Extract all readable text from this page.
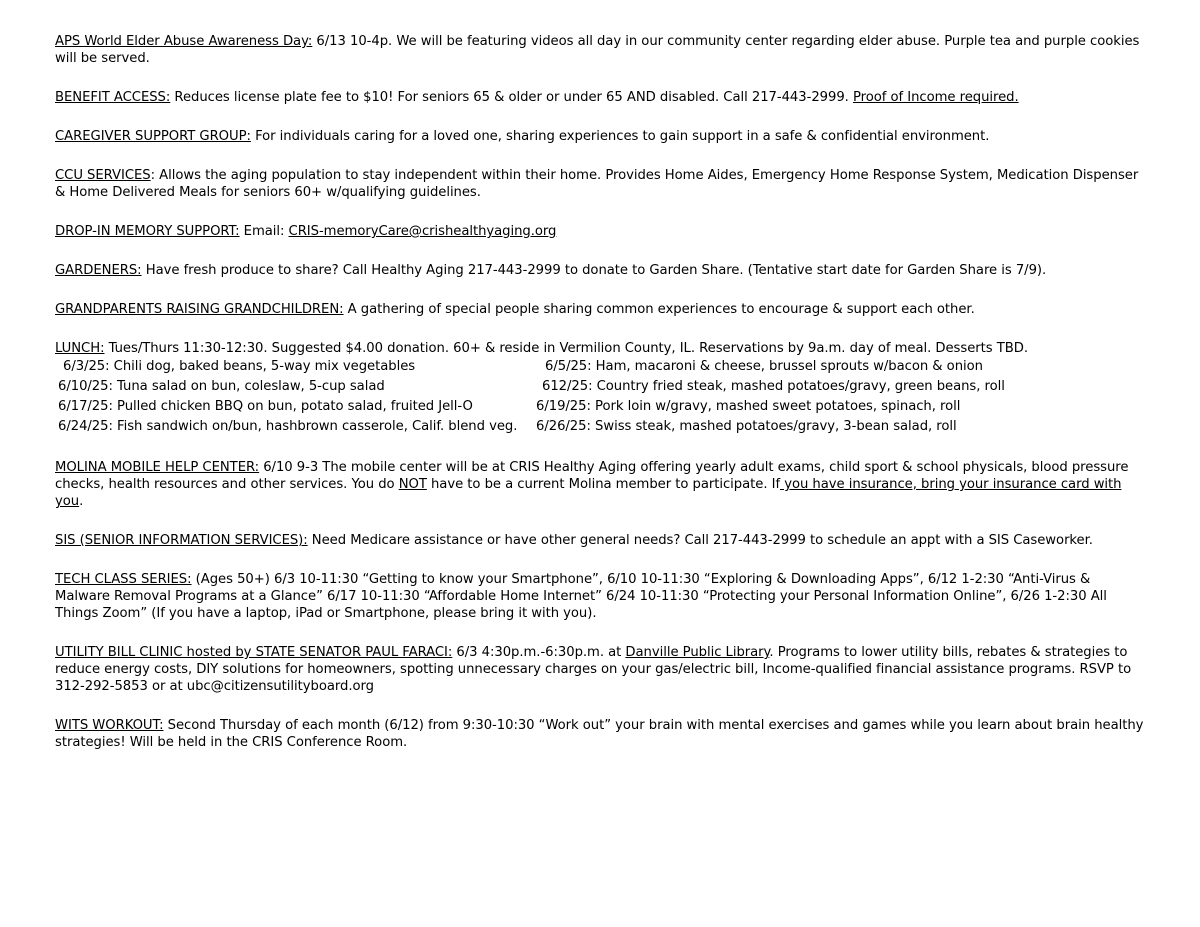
APS World Elder Abuse Awareness Day: 6/13 10-4p. We will be featuring videos all day in our community center regarding elder abuse. Purple tea and purple cookies will be served.
BENEFIT ACCESS: Reduces license plate fee to $10! For seniors 65 & older or under 65 AND disabled. Call 217-443-2999. Proof of Income required.
CAREGIVER SUPPORT GROUP: For individuals caring for a loved one, sharing experiences to gain support in a safe & confidential environment.
CCU SERVICES: Allows the aging population to stay independent within their home. Provides Home Aides, Emergency Home Response System, Medication Dispenser & Home Delivered Meals for seniors 60+ w/qualifying guidelines.
DROP-IN MEMORY SUPPORT: Email: CRIS-memoryCare@crishealthyaging.org
GARDENERS: Have fresh produce to share? Call Healthy Aging 217-443-2999 to donate to Garden Share. (Tentative start date for Garden Share is 7/9).
GRANDPARENTS RAISING GRANDCHILDREN: A gathering of special people sharing common experiences to encourage & support each other.
LUNCH: Tues/Thurs 11:30-12:30. Suggested $4.00 donation. 60+ & reside in Vermilion County, IL. Reservations by 9a.m. day of meal. Desserts TBD.
6/3/25: Chili dog, baked beans, 5-way mix vegetables	6/5/25: Ham, macaroni & cheese, brussel sprouts w/bacon & onion
6/10/25: Tuna salad on bun, coleslaw, 5-cup salad	612/25: Country fried steak, mashed potatoes/gravy, green beans, roll
6/17/25: Pulled chicken BBQ on bun, potato salad, fruited Jell-O	6/19/25: Pork loin w/gravy, mashed sweet potatoes, spinach, roll
6/24/25: Fish sandwich on/bun, hashbrown casserole, Calif. blend veg.	6/26/25: Swiss steak, mashed potatoes/gravy, 3-bean salad, roll
MOLINA MOBILE HELP CENTER: 6/10 9-3 The mobile center will be at CRIS Healthy Aging offering yearly adult exams, child sport & school physicals, blood pressure checks, health resources and other services. You do NOT have to be a current Molina member to participate. If you have insurance, bring your insurance card with you.
SIS (SENIOR INFORMATION SERVICES): Need Medicare assistance or have other general needs? Call 217-443-2999 to schedule an appt with a SIS Caseworker.
TECH CLASS SERIES: (Ages 50+) 6/3 10-11:30 “Getting to know your Smartphone”, 6/10 10-11:30 “Exploring & Downloading Apps”, 6/12 1-2:30 “Anti-Virus & Malware Removal Programs at a Glance” 6/17 10-11:30 “Affordable Home Internet” 6/24 10-11:30 “Protecting your Personal Information Online”, 6/26 1-2:30 All Things Zoom” (If you have a laptop, iPad or Smartphone, please bring it with you).
UTILITY BILL CLINIC hosted by STATE SENATOR PAUL FARACI: 6/3 4:30p.m.-6:30p.m. at Danville Public Library. Programs to lower utility bills, rebates & strategies to reduce energy costs, DIY solutions for homeowners, spotting unnecessary charges on your gas/electric bill, Income-qualified financial assistance programs. RSVP to 312-292-5853 or at ubc@citizensutilityboard.org
WITS WORKOUT: Second Thursday of each month (6/12) from 9:30-10:30 “Work out” your brain with mental exercises and games while you learn about brain healthy strategies! Will be held in the CRIS Conference Room.
